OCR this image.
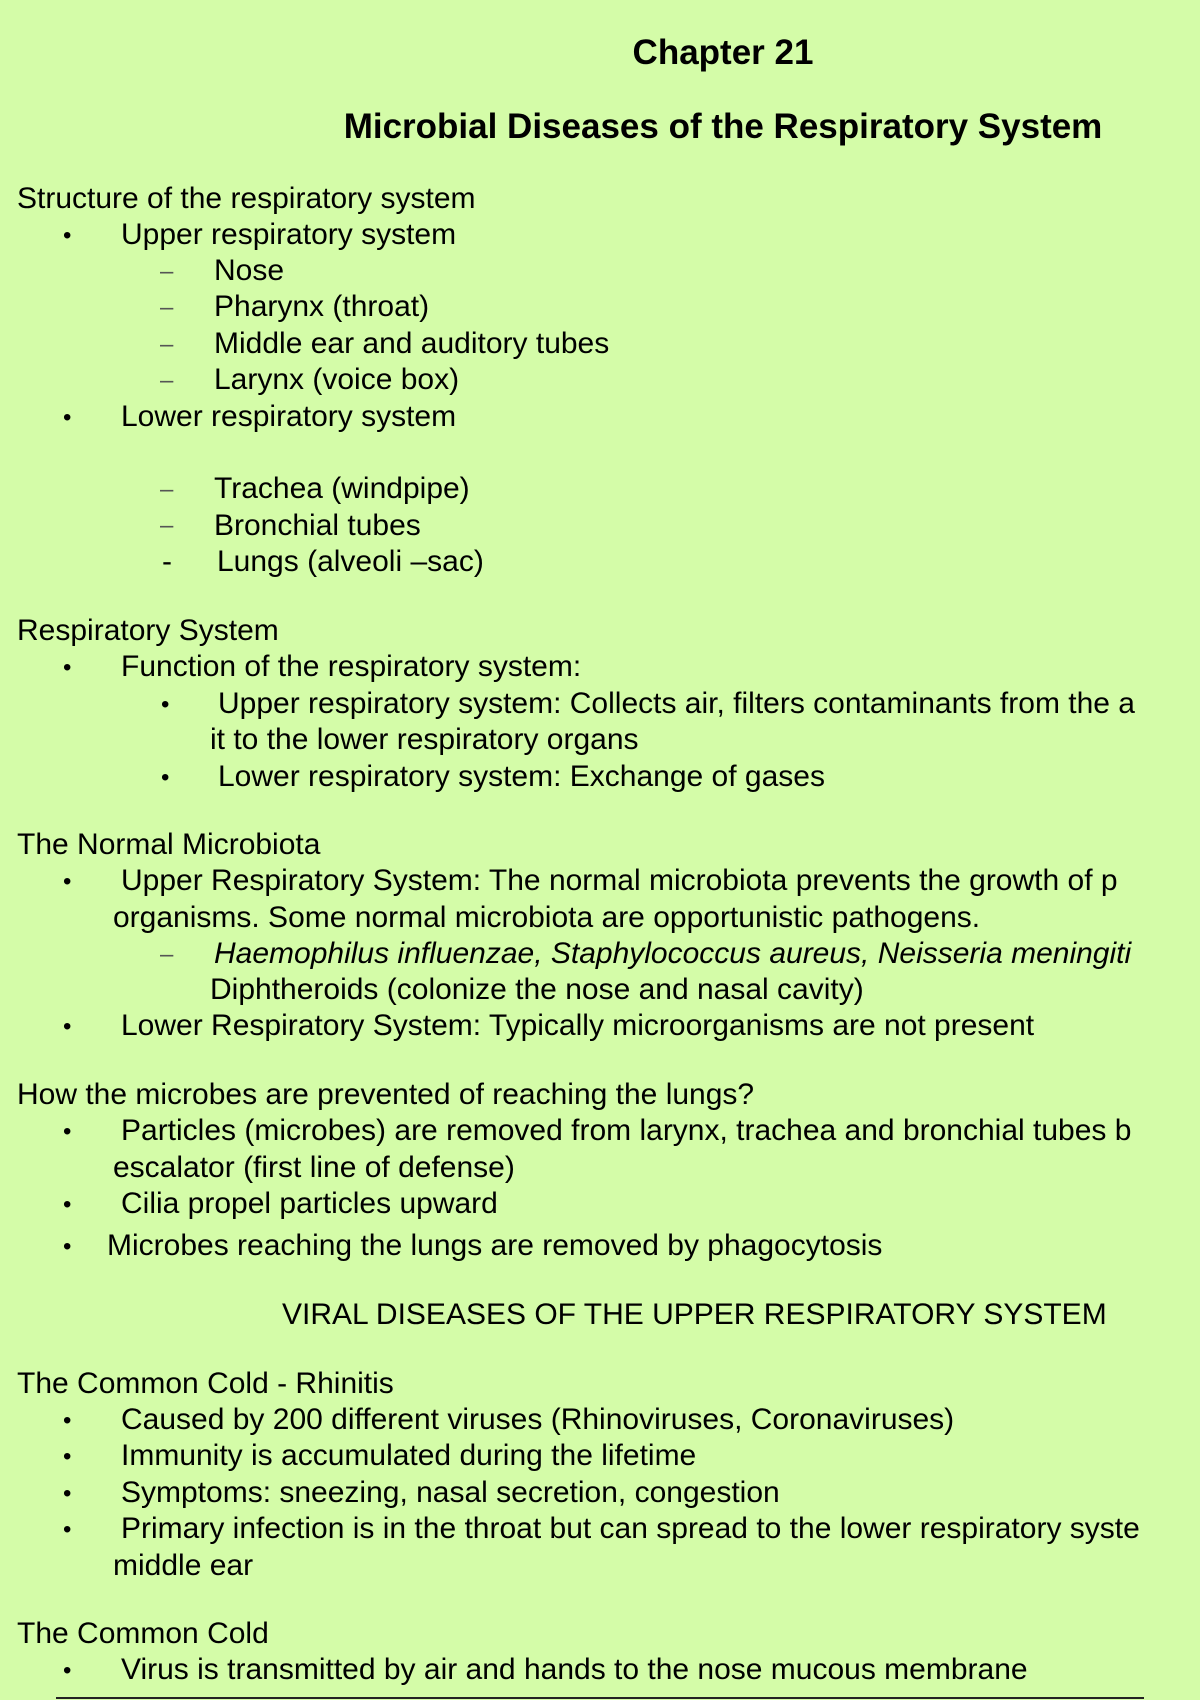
Chapter 21
Microbial Diseases of the Respiratory System
Structure of the respiratory system
• Upper respiratory system
– Nose
– Pharynx (throat)
– Middle ear and auditory tubes
– Larynx (voice box)
• Lower respiratory system
– Trachea (windpipe)
– Bronchial tubes
- Lungs (alveoli –sac)
Respiratory System
• Function of the respiratory system:
• Upper respiratory system: Collects air, filters contaminants from the a
it to the lower respiratory organs
• Lower respiratory system: Exchange of gases
The Normal Microbiota
• Upper Respiratory System: The normal microbiota prevents the growth of p
organisms. Some normal microbiota are opportunistic pathogens.
– Haemophilus influenzae, Staphylococcus aureus, Neisseria meningiti
Diphtheroids (colonize the nose and nasal cavity)
• Lower Respiratory System: Typically microorganisms are not present
How the microbes are prevented of reaching the lungs?
• Particles (microbes) are removed from larynx, trachea and bronchial tubes b
escalator (first line of defense)
• Cilia propel particles upward
• Microbes reaching the lungs are removed by phagocytosis
VIRAL DISEASES OF THE UPPER RESPIRATORY SYSTEM
The Common Cold - Rhinitis
• Caused by 200 different viruses (Rhinoviruses, Coronaviruses)
• Immunity is accumulated during the lifetime
• Symptoms: sneezing, nasal secretion, congestion
• Primary infection is in the throat but can spread to the lower respiratory syste
middle ear
The Common Cold
• Virus is transmitted by air and hands to the nose mucous membrane
